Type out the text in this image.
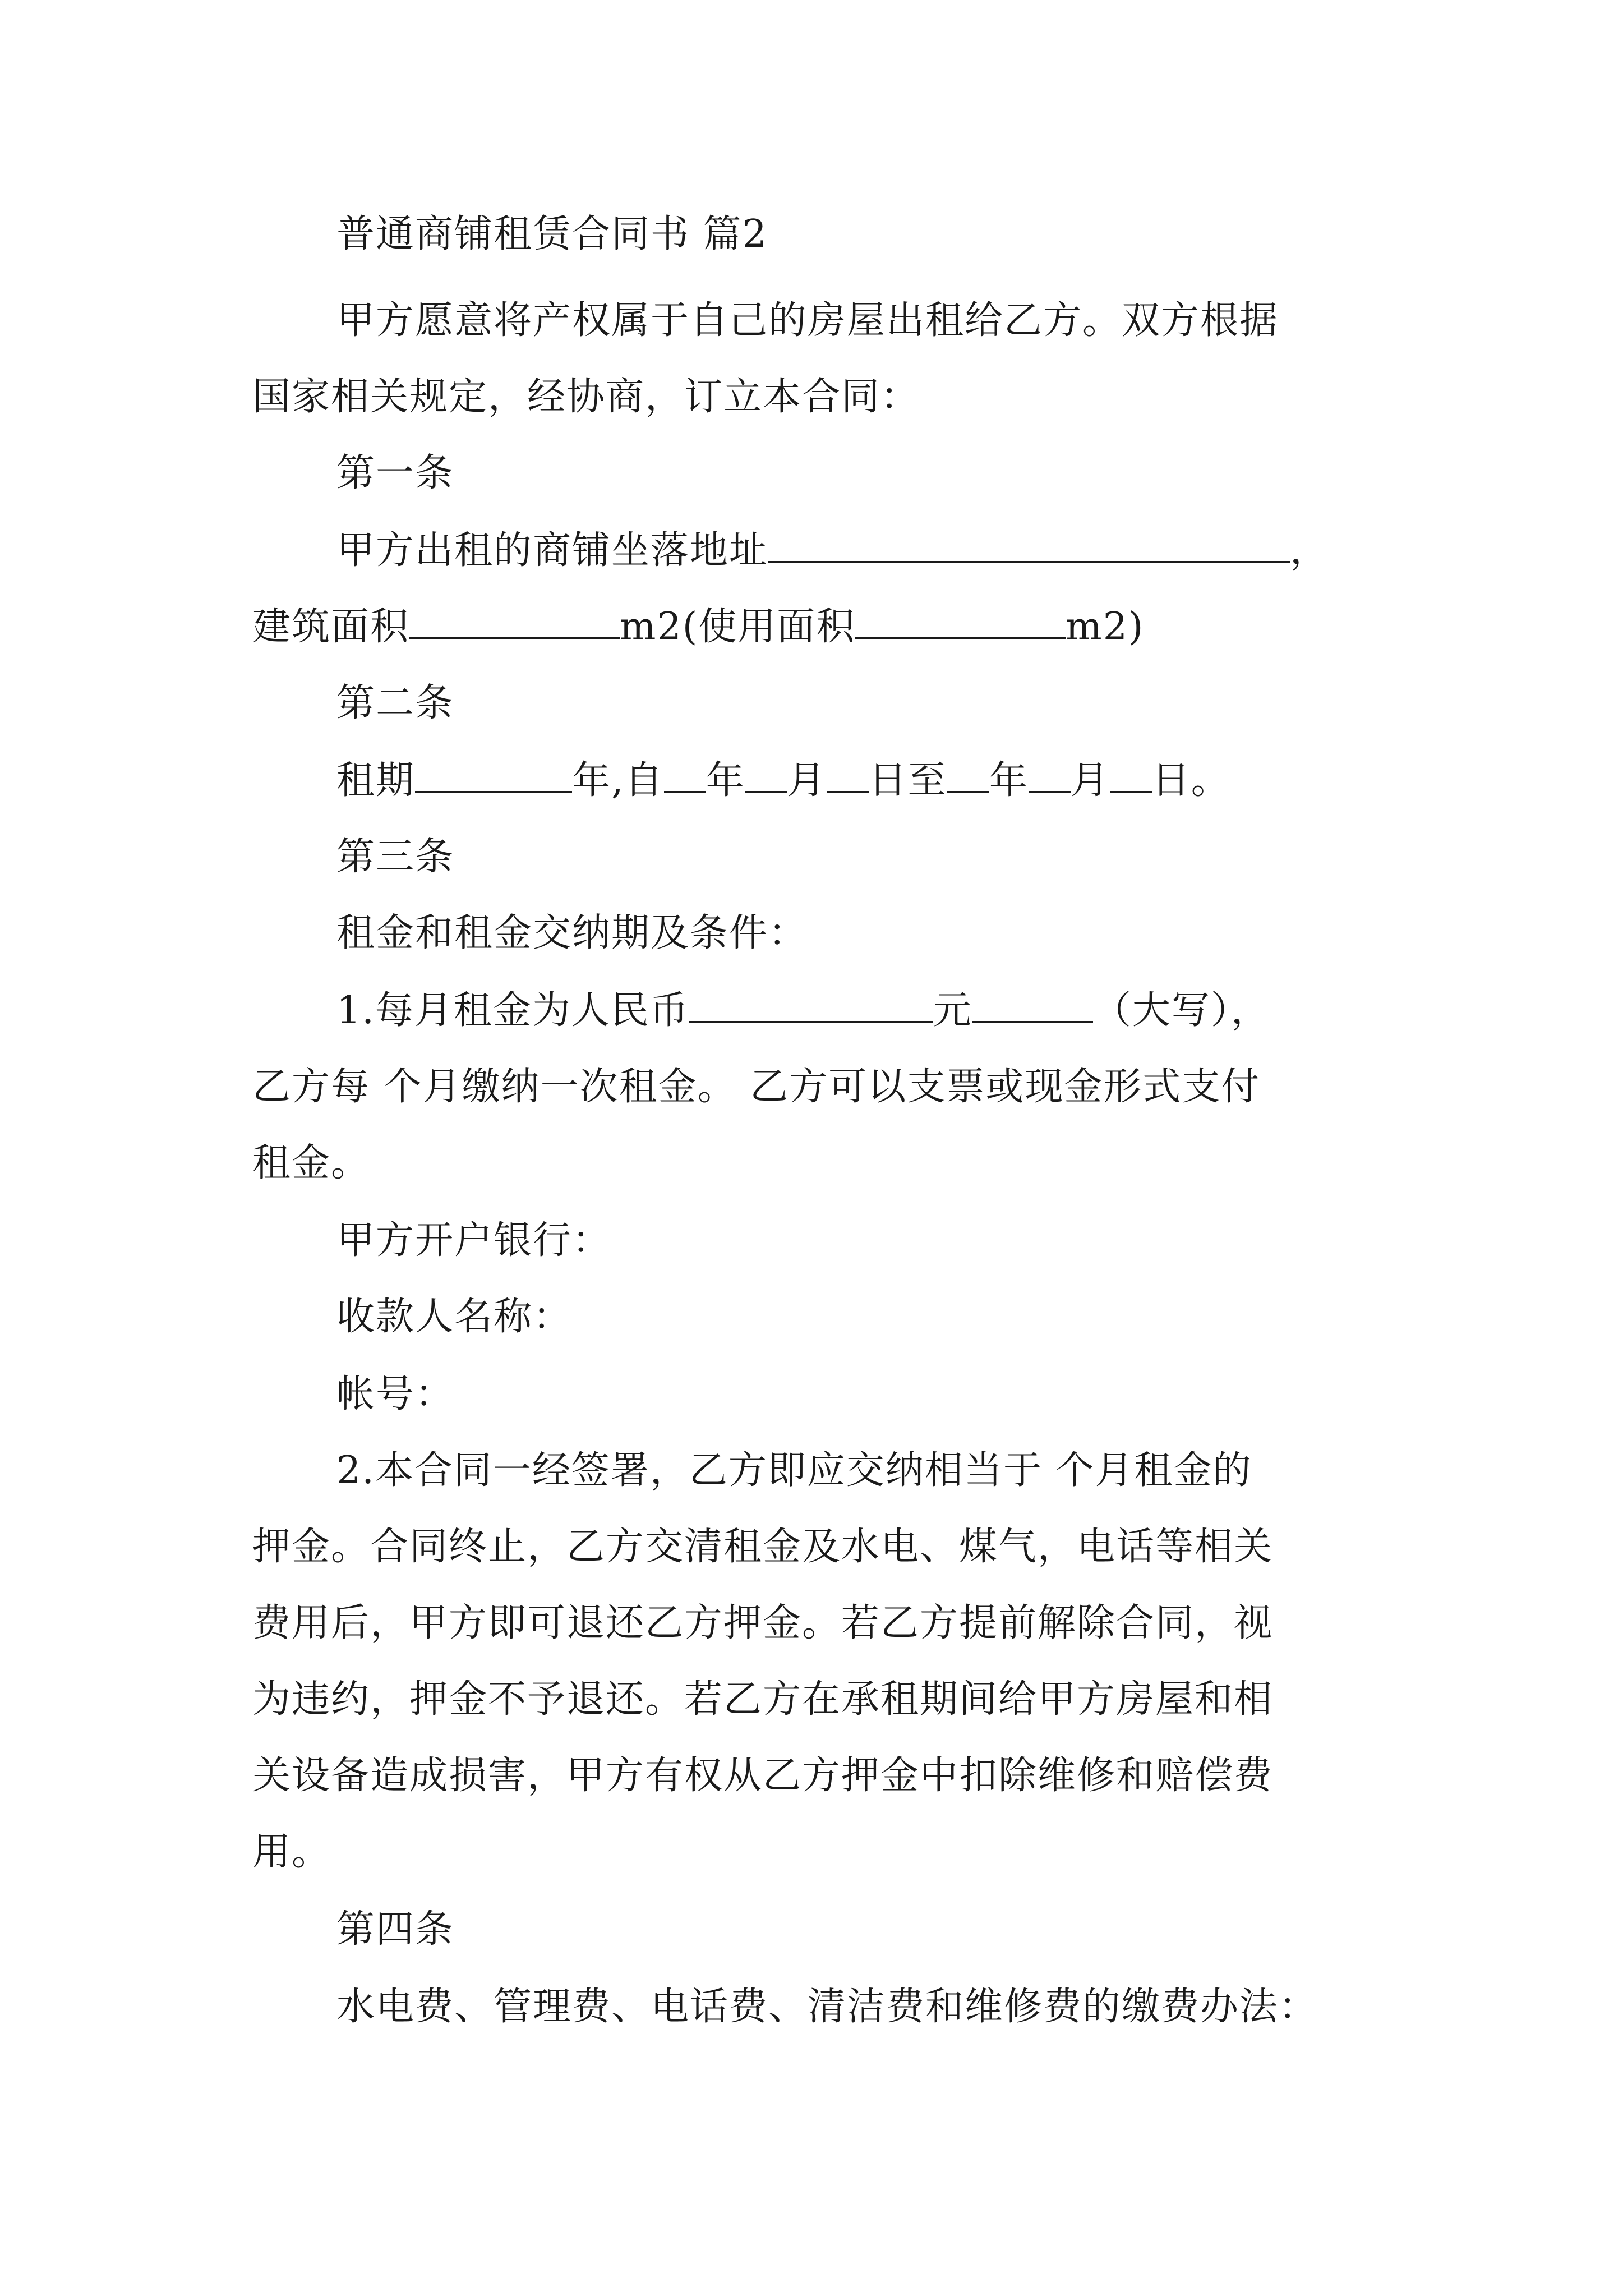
普通商铺租赁合同书 篇2
甲方愿意将产权属于自己的房屋出租给乙方。双方根据
国家相关规定，经协商，订立本合同：
第一条
甲方出租的商铺坐落地址	，
建筑面积	m2(使用面积	m2)
第二条
租期	年,自 年 月 日至 年 月 日。
第三条
租金和租金交纳期及条件：
1.每月租金为人民币	元	（大写），
乙方每 个月缴纳一次租金。 乙方可以支票或现金形式支付
租金。
甲方开户银行：
收款人名称：
帐号：
2.本合同一经签署，乙方即应交纳相当于 个月租金的
押金。合同终止，乙方交清租金及水电、煤气，电话等相关
费用后，甲方即可退还乙方押金。若乙方提前解除合同，视
为违约，押金不予退还。若乙方在承租期间给甲方房屋和相
关设备造成损害，甲方有权从乙方押金中扣除维修和赔偿费
用。
第四条
水电费、管理费、电话费、清洁费和维修费的缴费办法：
